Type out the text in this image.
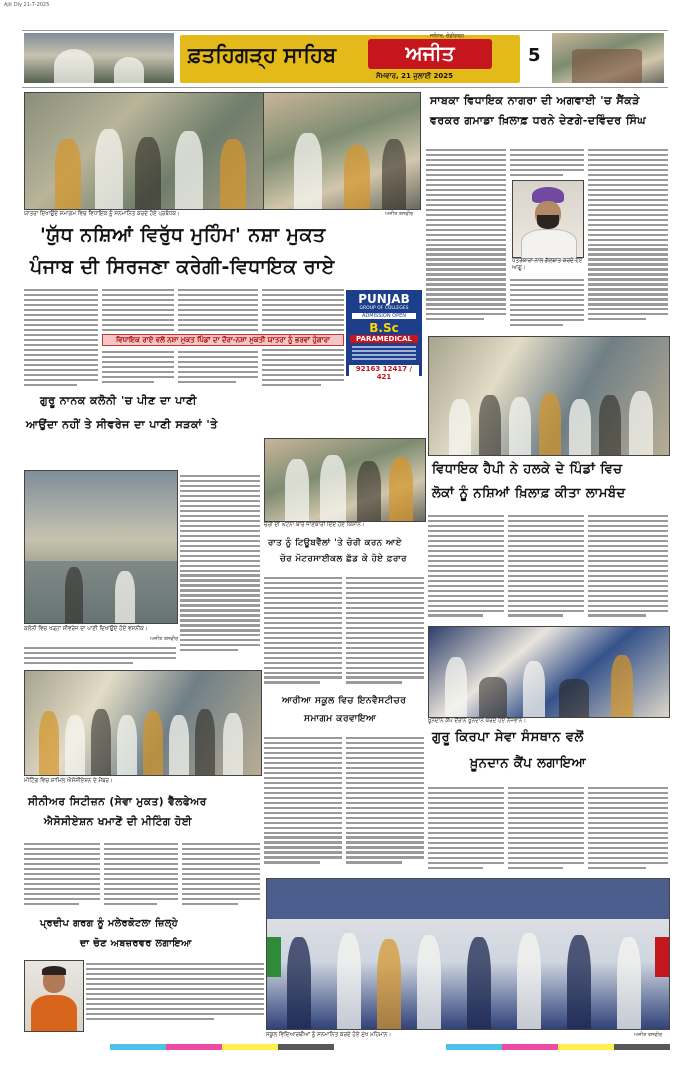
Ajit Dly 21-7-2025
ਫ਼ਤਹਿਗੜ੍ਹ ਸਾਹਿਬ	ਅਜੀਤ
ਜਲੰਧਰ, ਚੰਡੀਗੜ੍ਹ
ਸੋਮਵਾਰ, 21 ਜੁਲਾਈ 2025
5
ਯਾਤਰਾ ਦਿਖਾਉਂਦੇ ਸਮਾਗਮ ਵਿਚ ਵਿਧਾਇਕ ਨੂੰ ਸਨਮਾਨਿਤ ਕਰਦੇ ਹੋਏ ਪ੍ਰਬੰਧਕ।	ਅਜੀਤ ਤਸਵੀਰ
'ਯੁੱਧ ਨਸ਼ਿਆਂ ਵਿਰੁੱਧ ਮੁਹਿੰਮ' ਨਸ਼ਾ ਮੁਕਤ
ਪੰਜਾਬ ਦੀ ਸਿਰਜਣਾ ਕਰੇਗੀ-ਵਿਧਾਇਕ ਰਾਏ
ਵਿਧਾਇਕ ਰਾਏ ਵਲੋਂ ਨਸ਼ਾ ਮੁਕਤ ਪਿੰਡਾਂ ਦਾ ਦੌਰਾ-ਨਸ਼ਾ ਮੁਕਤੀ ਯਾਤਰਾ ਨੂੰ ਭਰਵਾਂ ਹੁੰਗਾਰਾ
PUNJAB
GROUP OF COLLEGES
ADMISSION OPEN
B.Sc
PARAMEDICAL
92163 12417 / 421
ਸਾਬਕਾ ਵਿਧਾਇਕ ਨਾਗਰਾ ਦੀ ਅਗਵਾਈ 'ਚ ਸੈਂਕੜੇ
ਵਰਕਰ ਗਮਾਡਾ ਖ਼ਿਲਾਫ਼ ਧਰਨੇ ਦੇਣਗੇ-ਦਵਿੰਦਰ ਸਿੰਘ
ਪੱਤਰਕਾਰਾਂ ਨਾਲ ਗੱਲਬਾਤ ਕਰਦੇ ਹੋਏ ਆਗੂ।
ਵਿਧਾਇਕ ਹੈਪੀ ਨੇ ਹਲਕੇ ਦੇ ਪਿੰਡਾਂ ਵਿਚ
ਲੋਕਾਂ ਨੂੰ ਨਸ਼ਿਆਂ ਖ਼ਿਲਾਫ਼ ਕੀਤਾ ਲਾਮਬੰਦ
ਗੁਰੂ ਨਾਨਕ ਕਲੋਨੀ 'ਚ ਪੀਣ ਦਾ ਪਾਣੀ
ਆਉਂਦਾ ਨਹੀਂ ਤੇ ਸੀਵਰੇਜ ਦਾ ਪਾਣੀ ਸੜਕਾਂ 'ਤੇ
ਕਲੋਨੀ ਵਿਚ ਖੜ੍ਹਾ ਸੀਵਰੇਜ ਦਾ ਪਾਣੀ ਦਿਖਾਉਂਦੇ ਹੋਏ ਵਸਨੀਕ।
ਅਜੀਤ ਤਸਵੀਰ
ਚੋਰੀ ਦੀ ਘਟਨਾ ਬਾਰੇ ਜਾਣਕਾਰੀ ਦਿੰਦੇ ਹੋਏ ਕਿਸਾਨ।
ਰਾਤ ਨੂੰ ਟਿਊਬਵੈੱਲਾਂ 'ਤੇ ਚੋਰੀ ਕਰਨ ਆਏ
ਚੋਰ ਮੋਟਰਸਾਈਕਲ ਛੱਡ ਕੇ ਹੋਏ ਫ਼ਰਾਰ
ਖ਼ੂਨਦਾਨ ਕੈਂਪ ਦੌਰਾਨ ਖ਼ੂਨਦਾਨ ਕਰਦੇ ਹੋਏ ਨੌਜਵਾਨ।
ਮੀਟਿੰਗ ਵਿਚ ਸ਼ਾਮਿਲ ਐਸੋਸੀਏਸ਼ਨ ਦੇ ਮੈਂਬਰ।
ਆਰੀਆ ਸਕੂਲ ਵਿਚ ਇਨਵੈਸਟੀਚਰ
ਸਮਾਗਮ ਕਰਵਾਇਆ
ਗੁਰੂ ਕਿਰਪਾ ਸੇਵਾ ਸੰਸਥਾਨ ਵਲੋਂ
ਖ਼ੂਨਦਾਨ ਕੈਂਪ ਲਗਾਇਆ
ਸੀਨੀਅਰ ਸਿਟੀਜ਼ਨ (ਸੇਵਾ ਮੁਕਤ) ਵੈੱਲਫੇਅਰ
ਐਸੋਸੀਏਸ਼ਨ ਖਮਾਣੋਂ ਦੀ ਮੀਟਿੰਗ ਹੋਈ
ਪ੍ਰਦੀਪ ਗਰਗ ਨੂੰ ਮਲੇਰਕੋਟਲਾ ਜ਼ਿਲ੍ਹੇ
ਦਾ ਚੋਣ ਅਬਜ਼ਰਵਰ ਲਗਾਇਆ
ਸਕੂਲ ਵਿਦਿਆਰਥੀਆਂ ਨੂੰ ਸਨਮਾਨਿਤ ਕਰਦੇ ਹੋਏ ਮੁੱਖ ਮਹਿਮਾਨ।	ਅਜੀਤ ਤਸਵੀਰ
